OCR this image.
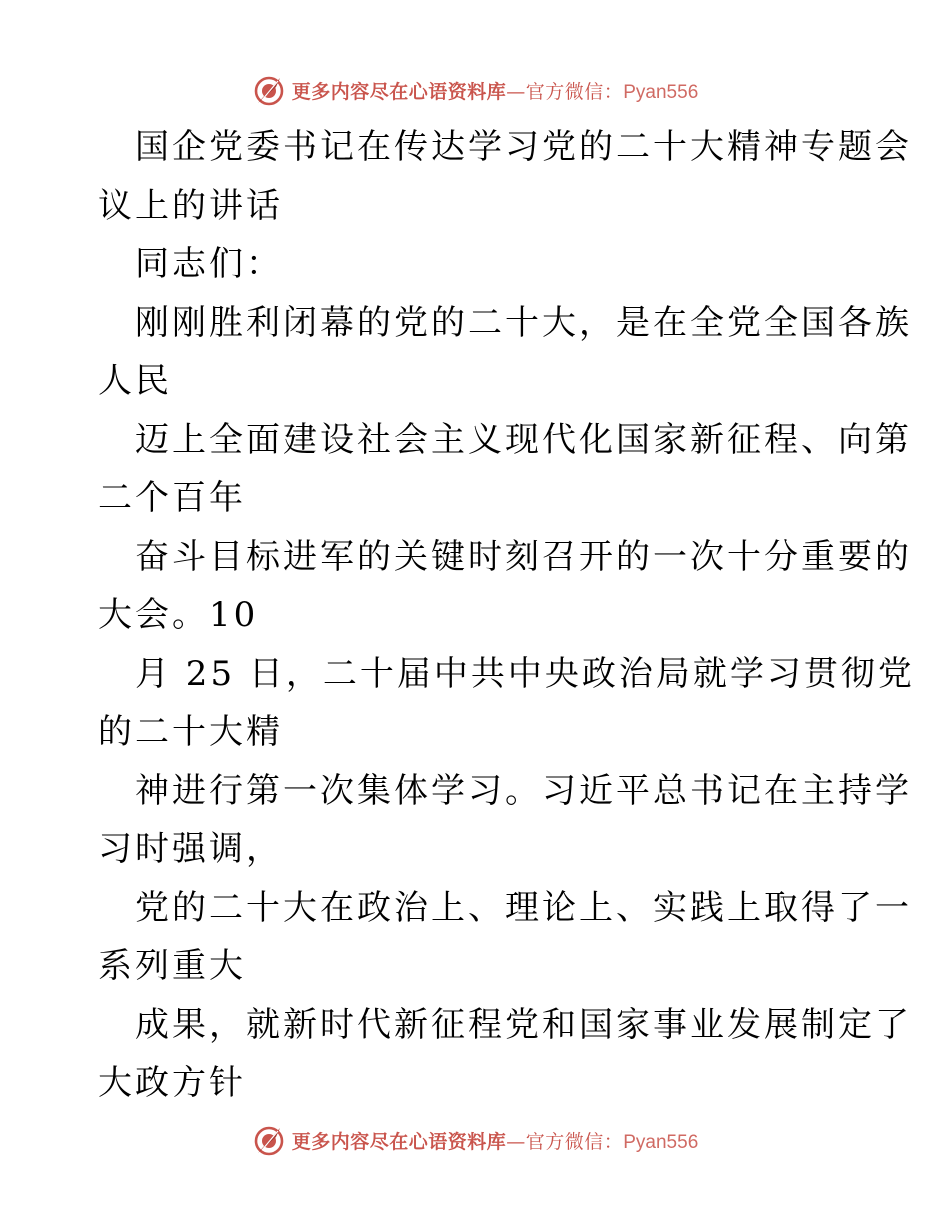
更多内容尽在心语资料库 —官方微信： Pyan556

国企党委书记在传达学习党的二十大精神专题会
议上的讲话

同志们：

刚刚胜利闭幕的党的二十大，是在全党全国各族
人民

迈上全面建设社会主义现代化国家新征程、向第
二个百年

奋斗目标进军的关键时刻召开的一次十分重要的
大会。10

月 25 日，二十届中共中央政治局就学习贯彻党
的二十大精

神进行第一次集体学习。习近平总书记在主持学
习时强调，

党的二十大在政治上、理论上、实践上取得了一
系列重大

成果，就新时代新征程党和国家事业发展制定了
大政方针

更多内容尽在心语资料库 —官方微信： Pyan556
